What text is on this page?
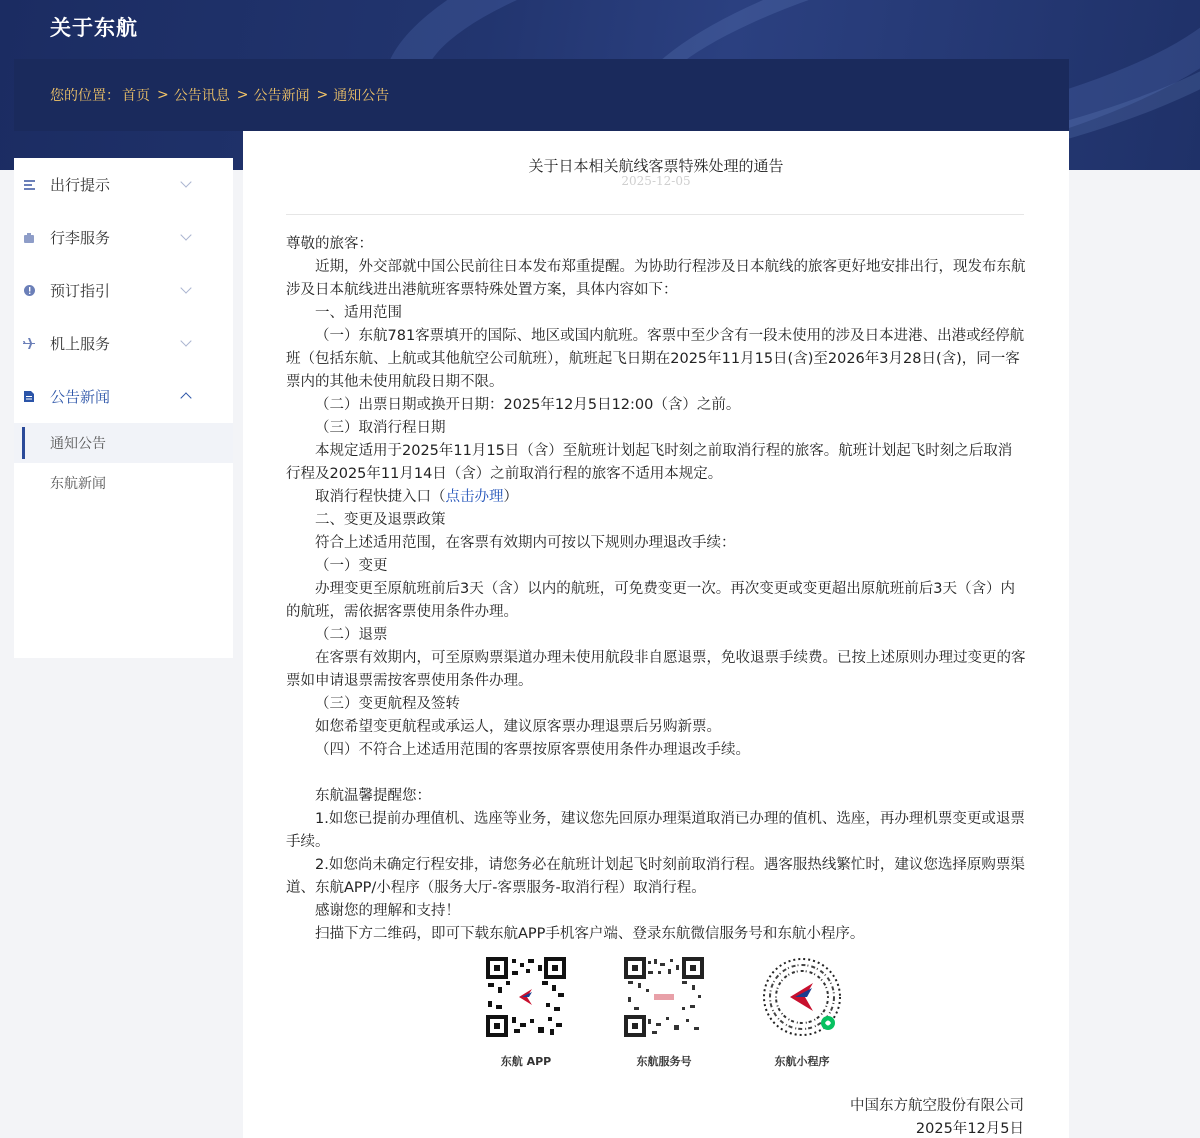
关于东航
您的位置： 首页 > 公告讯息 > 公告新闻 > 通知公告
出行提示
行李服务
预订指引
机上服务
公告新闻
通知公告
东航新闻
关于日本相关航线客票特殊处理的通告
2025-12-05

尊敬的旅客：

近期，外交部就中国公民前往日本发布郑重提醒。为协助行程涉及日本航线的旅客更好地安排出行，现发布东航涉及日本航线进出港航班客票特殊处置方案，具体内容如下：

一、适用范围

（一）东航781客票填开的国际、地区或国内航班。客票中至少含有一段未使用的涉及日本进港、出港或经停航班（包括东航、上航或其他航空公司航班），航班起飞日期在2025年11月15日(含)至2026年3月28日(含)，同一客票内的其他未使用航段日期不限。

（二）出票日期或换开日期：2025年12月5日12:00（含）之前。

（三）取消行程日期

本规定适用于2025年11月15日（含）至航班计划起飞时刻之前取消行程的旅客。航班计划起飞时刻之后取消行程及2025年11月14日（含）之前取消行程的旅客不适用本规定。

取消行程快捷入口（点击办理）

二、变更及退票政策

符合上述适用范围，在客票有效期内可按以下规则办理退改手续：

（一）变更

办理变更至原航班前后3天（含）以内的航班，可免费变更一次。再次变更或变更超出原航班前后3天（含）内的航班，需依据客票使用条件办理。

（二）退票

在客票有效期内，可至原购票渠道办理未使用航段非自愿退票，免收退票手续费。已按上述原则办理过变更的客票如申请退票需按客票使用条件办理。

（三）变更航程及签转

如您希望变更航程或承运人，建议原客票办理退票后另购新票。

（四）不符合上述适用范围的客票按原客票使用条件办理退改手续。

东航温馨提醒您：

1.如您已提前办理值机、选座等业务，建议您先回原办理渠道取消已办理的值机、选座，再办理机票变更或退票手续。

2.如您尚未确定行程安排，请您务必在航班计划起飞时刻前取消行程。遇客服热线繁忙时，建议您选择原购票渠道、东航APP/小程序（服务大厅-客票服务-取消行程）取消行程。

感谢您的理解和支持！

扫描下方二维码，即可下载东航APP手机客户端、登录东航微信服务号和东航小程序。

东航 APP	东航服务号	东航小程序
中国东方航空股份有限公司
2025年12月5日
